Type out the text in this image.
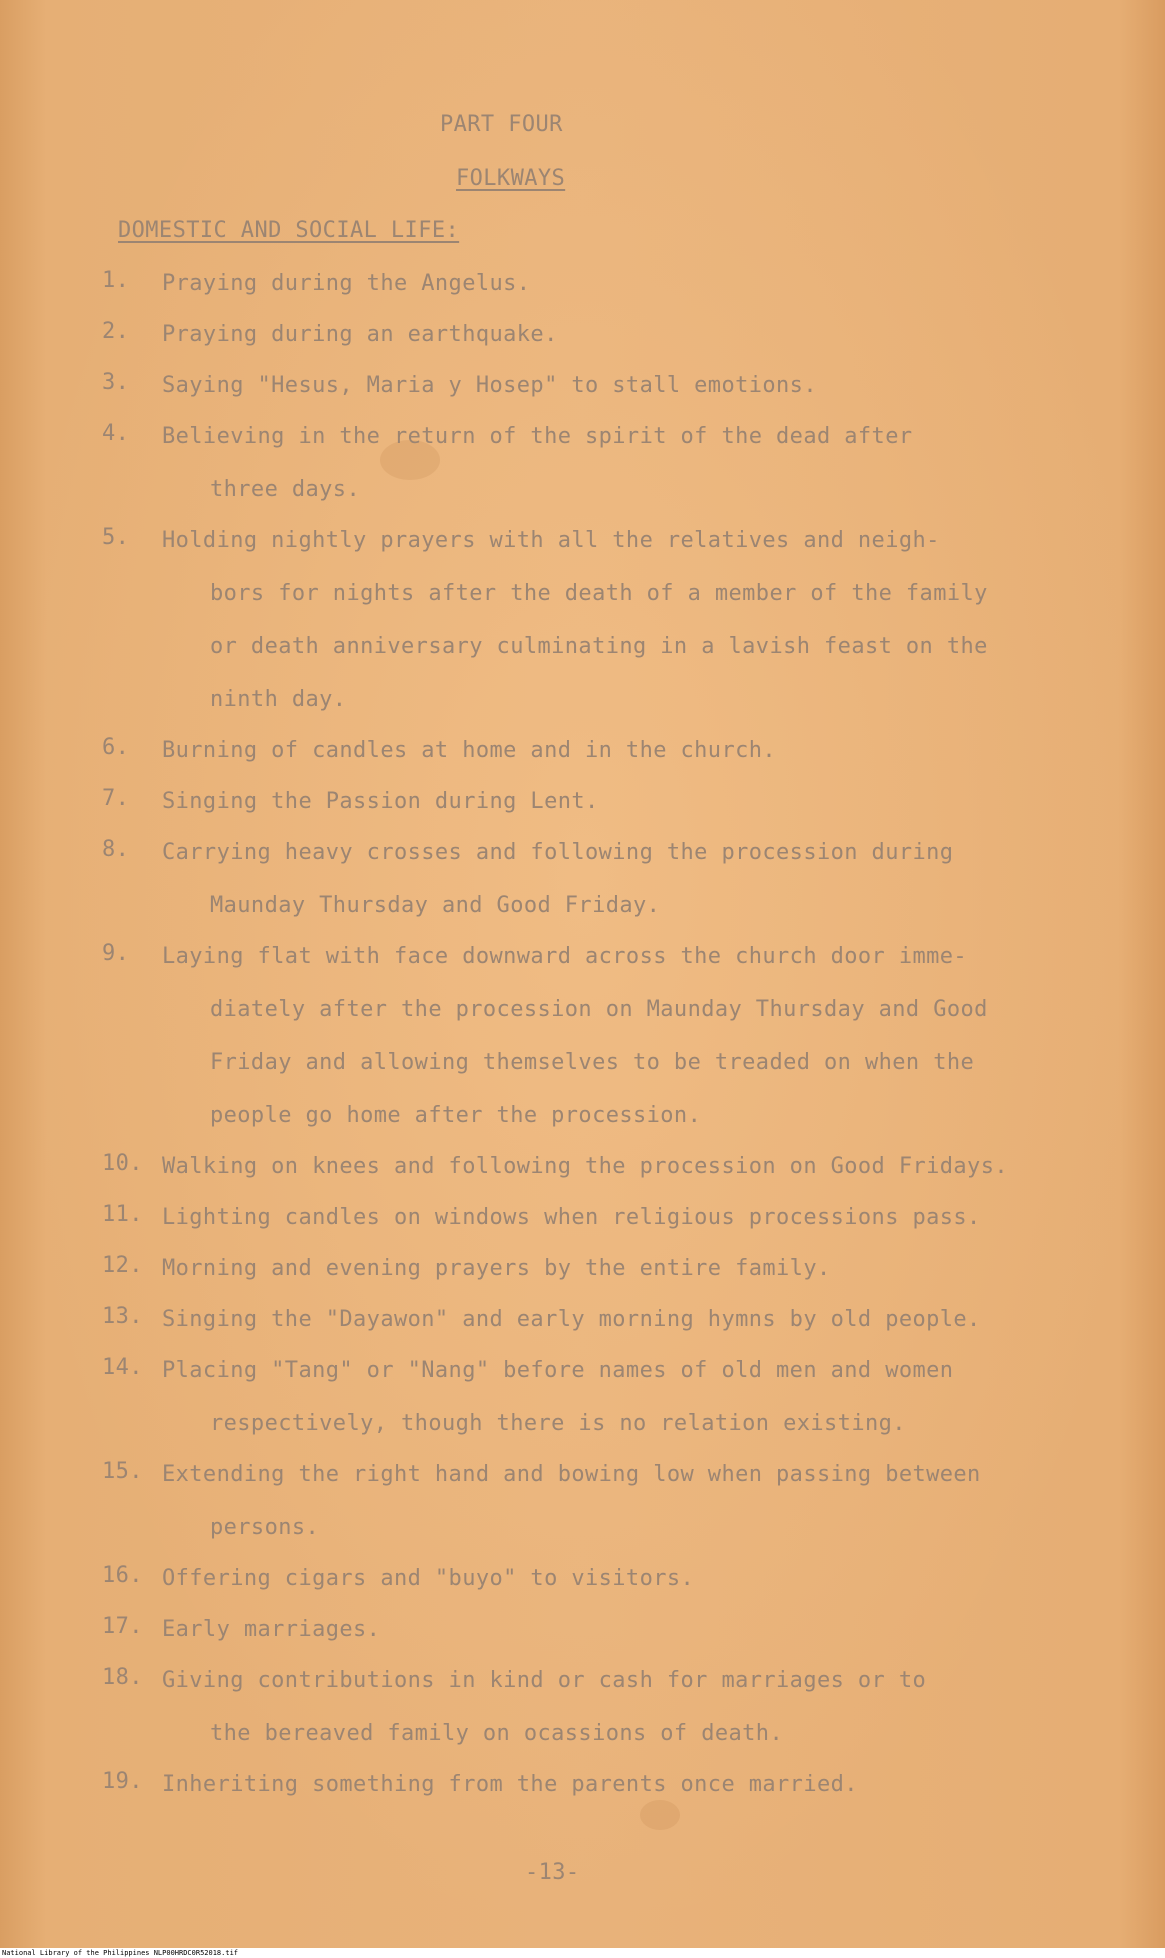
PART FOUR
FOLKWAYS
DOMESTIC AND SOCIAL LIFE:
1.	Praying during the Angelus.
2.	Praying during an earthquake.
3.	Saying "Hesus, Maria y Hosep" to stall emotions.
4.	Believing in the return of the spirit of the dead after
three days.
5.	Holding nightly prayers with all the relatives and neigh-
bors for nights after the death of a member of the family
or death anniversary culminating in a lavish feast on the
ninth day.
6.	Burning of candles at home and in the church.
7.	Singing the Passion during Lent.
8.	Carrying heavy crosses and following the procession during
Maunday Thursday and Good Friday.
9.	Laying flat with face downward across the church door imme-
diately after the procession on Maunday Thursday and Good
Friday and allowing themselves to be treaded on when the
people go home after the procession.
10. Walking on knees and following the procession on Good Fridays.
11. Lighting candles on windows when religious processions pass.
12. Morning and evening prayers by the entire family.
13. Singing the "Dayawon" and early morning hymns by old people.
14. Placing "Tang" or "Nang" before names of old men and women
respectively, though there is no relation existing.
15. Extending the right hand and bowing low when passing between
persons.
16. Offering cigars and "buyo" to visitors.
17. Early marriages.
18. Giving contributions in kind or cash for marriages or to
the bereaved family on ocassions of death.
19. Inheriting something from the parents once married.
-13-
National Library of the Philippines NLP00HRDC0R52018.tif
